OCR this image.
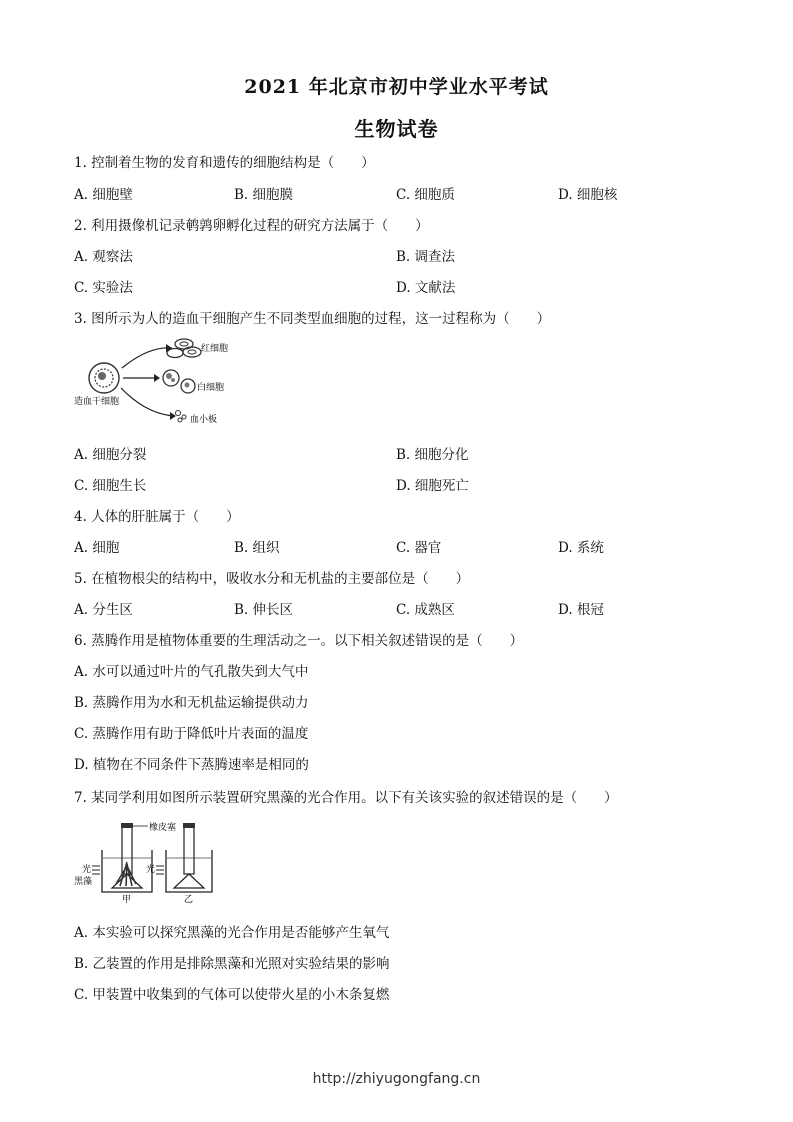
2021 年北京市初中学业水平考试
生物试卷
1. 控制着生物的发育和遗传的细胞结构是（　　）
A. 细胞壁	B. 细胞膜	C. 细胞质	D. 细胞核
2. 利用摄像机记录鹌鹑卵孵化过程的研究方法属于（　　）
A. 观察法	B. 调查法
C. 实验法	D. 文献法
3. 图所示为人的造血干细胞产生不同类型血细胞的过程，这一过程称为（　　）
红细胞
白细胞
血小板
造血干细胞
A. 细胞分裂	B. 细胞分化
C. 细胞生长	D. 细胞死亡
4. 人体的肝脏属于（　　）
A. 细胞	B. 组织	C. 器官	D. 系统
5. 在植物根尖的结构中，吸收水分和无机盐的主要部位是（　　）
A. 分生区	B. 伸长区	C. 成熟区	D. 根冠
6. 蒸腾作用是植物体重要的生理活动之一。以下相关叙述错误的是（　　）
A. 水可以通过叶片的气孔散失到大气中
B. 蒸腾作用为水和无机盐运输提供动力
C. 蒸腾作用有助于降低叶片表面的温度
D. 植物在不同条件下蒸腾速率是相同的
7. 某同学利用如图所示装置研究黑藻的光合作用。以下有关该实验的叙述错误的是（　　）
橡皮塞
光
黑藻
甲
光
乙
A. 本实验可以探究黑藻的光合作用是否能够产生氧气
B. 乙装置的作用是排除黑藻和光照对实验结果的影响
C. 甲装置中收集到的气体可以使带火星的小木条复燃
http://zhiyugongfang.cn
